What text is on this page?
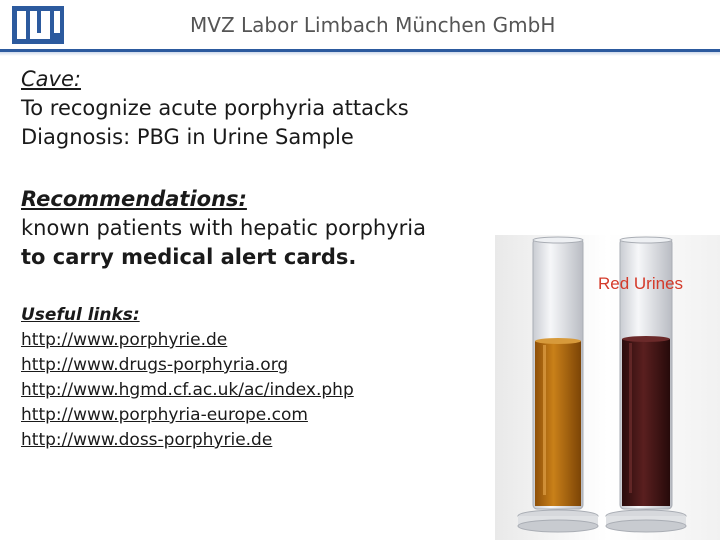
MVZ Labor Limbach München GmbH
Cave:
To recognize acute porphyria attacks
Diagnosis: PBG in Urine Sample
Recommendations:
known patients with hepatic porphyria
to carry medical alert cards.
Useful links:
http://www.porphyrie.de
http://www.drugs-porphyria.org
http://www.hgmd.cf.ac.uk/ac/index.php
http://www.porphyria-europe.com
http://www.doss-porphyrie.de
Red Urines
